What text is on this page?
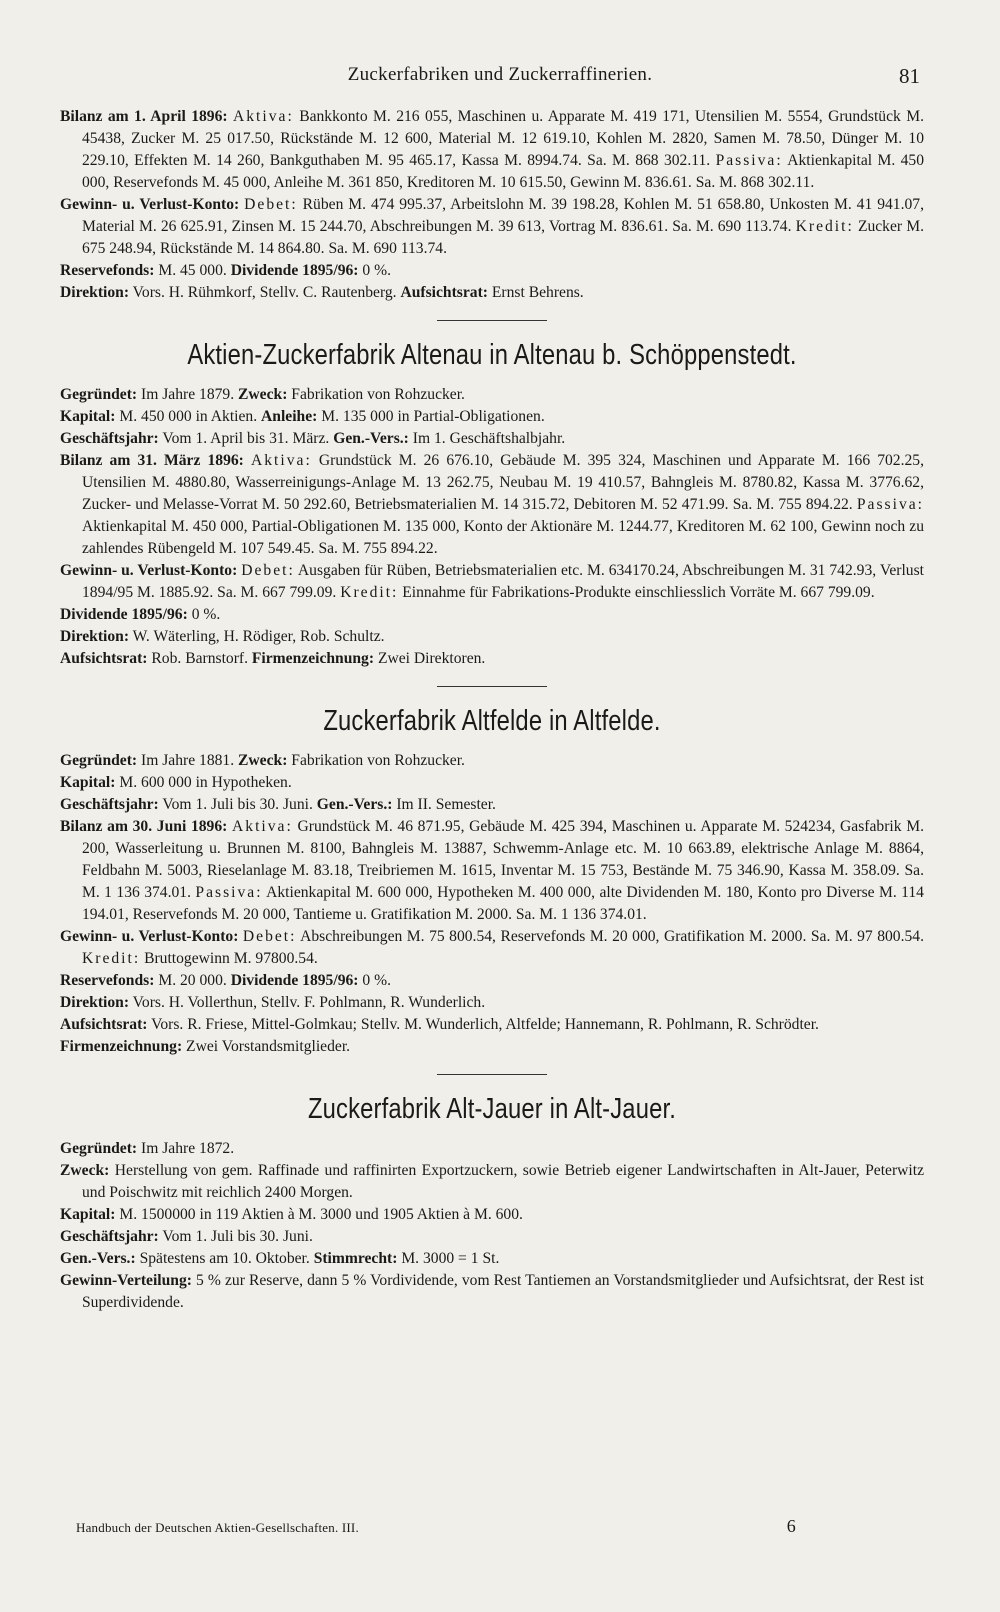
Zuckerfabriken und Zuckerraffinerien.	81

Bilanz am 1. April 1896: Aktiva: Bankkonto M. 216 055, Maschinen u. Apparate M. 419 171, Utensilien M. 5554, Grundstück M. 45438, Zucker M. 25 017.50, Rückstände M. 12 600, Material M. 12 619.10, Kohlen M. 2820, Samen M. 78.50, Dünger M. 10 229.10, Effekten M. 14 260, Bankguthaben M. 95 465.17, Kassa M. 8994.74. Sa. M. 868 302.11. Passiva: Aktienkapital M. 450 000, Reservefonds M. 45 000, Anleihe M. 361 850, Kreditoren M. 10 615.50, Gewinn M. 836.61. Sa. M. 868 302.11.

Gewinn- u. Verlust-Konto: Debet: Rüben M. 474 995.37, Arbeitslohn M. 39 198.28, Kohlen M. 51 658.80, Unkosten M. 41 941.07, Material M. 26 625.91, Zinsen M. 15 244.70, Abschreibungen M. 39 613, Vortrag M. 836.61. Sa. M. 690 113.74. Kredit: Zucker M. 675 248.94, Rückstände M. 14 864.80. Sa. M. 690 113.74.

Reservefonds: M. 45 000. Dividende 1895/96: 0 %.

Direktion: Vors. H. Rühmkorf, Stellv. C. Rautenberg. Aufsichtsrat: Ernst Behrens.

Aktien-Zuckerfabrik Altenau in Altenau b. Schöppenstedt.

Gegründet: Im Jahre 1879. Zweck: Fabrikation von Rohzucker.

Kapital: M. 450 000 in Aktien. Anleihe: M. 135 000 in Partial-Obligationen.

Geschäftsjahr: Vom 1. April bis 31. März. Gen.-Vers.: Im 1. Geschäftshalbjahr.

Bilanz am 31. März 1896: Aktiva: Grundstück M. 26 676.10, Gebäude M. 395 324, Maschinen und Apparate M. 166 702.25, Utensilien M. 4880.80, Wasserreinigungs-Anlage M. 13 262.75, Neubau M. 19 410.57, Bahngleis M. 8780.82, Kassa M. 3776.62, Zucker- und Melasse-Vorrat M. 50 292.60, Betriebsmaterialien M. 14 315.72, Debitoren M. 52 471.99. Sa. M. 755 894.22. Passiva: Aktienkapital M. 450 000, Partial-Obligationen M. 135 000, Konto der Aktionäre M. 1244.77, Kreditoren M. 62 100, Gewinn noch zu zahlendes Rübengeld M. 107 549.45. Sa. M. 755 894.22.

Gewinn- u. Verlust-Konto: Debet: Ausgaben für Rüben, Betriebsmaterialien etc. M. 634170.24, Abschreibungen M. 31 742.93, Verlust 1894/95 M. 1885.92. Sa. M. 667 799.09. Kredit: Einnahme für Fabrikations-Produkte einschliesslich Vorräte M. 667 799.09.

Dividende 1895/96: 0 %.

Direktion: W. Wäterling, H. Rödiger, Rob. Schultz.

Aufsichtsrat: Rob. Barnstorf. Firmenzeichnung: Zwei Direktoren.

Zuckerfabrik Altfelde in Altfelde.

Gegründet: Im Jahre 1881. Zweck: Fabrikation von Rohzucker.

Kapital: M. 600 000 in Hypotheken.

Geschäftsjahr: Vom 1. Juli bis 30. Juni. Gen.-Vers.: Im II. Semester.

Bilanz am 30. Juni 1896: Aktiva: Grundstück M. 46 871.95, Gebäude M. 425 394, Maschinen u. Apparate M. 524234, Gasfabrik M. 200, Wasserleitung u. Brunnen M. 8100, Bahngleis M. 13887, Schwemm-Anlage etc. M. 10 663.89, elektrische Anlage M. 8864, Feldbahn M. 5003, Rieselanlage M. 83.18, Treibriemen M. 1615, Inventar M. 15 753, Bestände M. 75 346.90, Kassa M. 358.09. Sa. M. 1 136 374.01. Passiva: Aktienkapital M. 600 000, Hypotheken M. 400 000, alte Dividenden M. 180, Konto pro Diverse M. 114 194.01, Reservefonds M. 20 000, Tantieme u. Gratifikation M. 2000. Sa. M. 1 136 374.01.

Gewinn- u. Verlust-Konto: Debet: Abschreibungen M. 75 800.54, Reservefonds M. 20 000, Gratifikation M. 2000. Sa. M. 97 800.54. Kredit: Bruttogewinn M. 97800.54.

Reservefonds: M. 20 000. Dividende 1895/96: 0 %.

Direktion: Vors. H. Vollerthun, Stellv. F. Pohlmann, R. Wunderlich.

Aufsichtsrat: Vors. R. Friese, Mittel-Golmkau; Stellv. M. Wunderlich, Altfelde; Hannemann, R. Pohlmann, R. Schrödter.

Firmenzeichnung: Zwei Vorstandsmitglieder.

Zuckerfabrik Alt-Jauer in Alt-Jauer.

Gegründet: Im Jahre 1872.

Zweck: Herstellung von gem. Raffinade und raffinirten Exportzuckern, sowie Betrieb eigener Landwirtschaften in Alt-Jauer, Peterwitz und Poischwitz mit reichlich 2400 Morgen.

Kapital: M. 1500000 in 119 Aktien à M. 3000 und 1905 Aktien à M. 600.

Geschäftsjahr: Vom 1. Juli bis 30. Juni.

Gen.-Vers.: Spätestens am 10. Oktober. Stimmrecht: M. 3000 = 1 St.

Gewinn-Verteilung: 5 % zur Reserve, dann 5 % Vordividende, vom Rest Tantiemen an Vorstandsmitglieder und Aufsichtsrat, der Rest ist Superdividende.

Handbuch der Deutschen Aktien-Gesellschaften. III.	6
